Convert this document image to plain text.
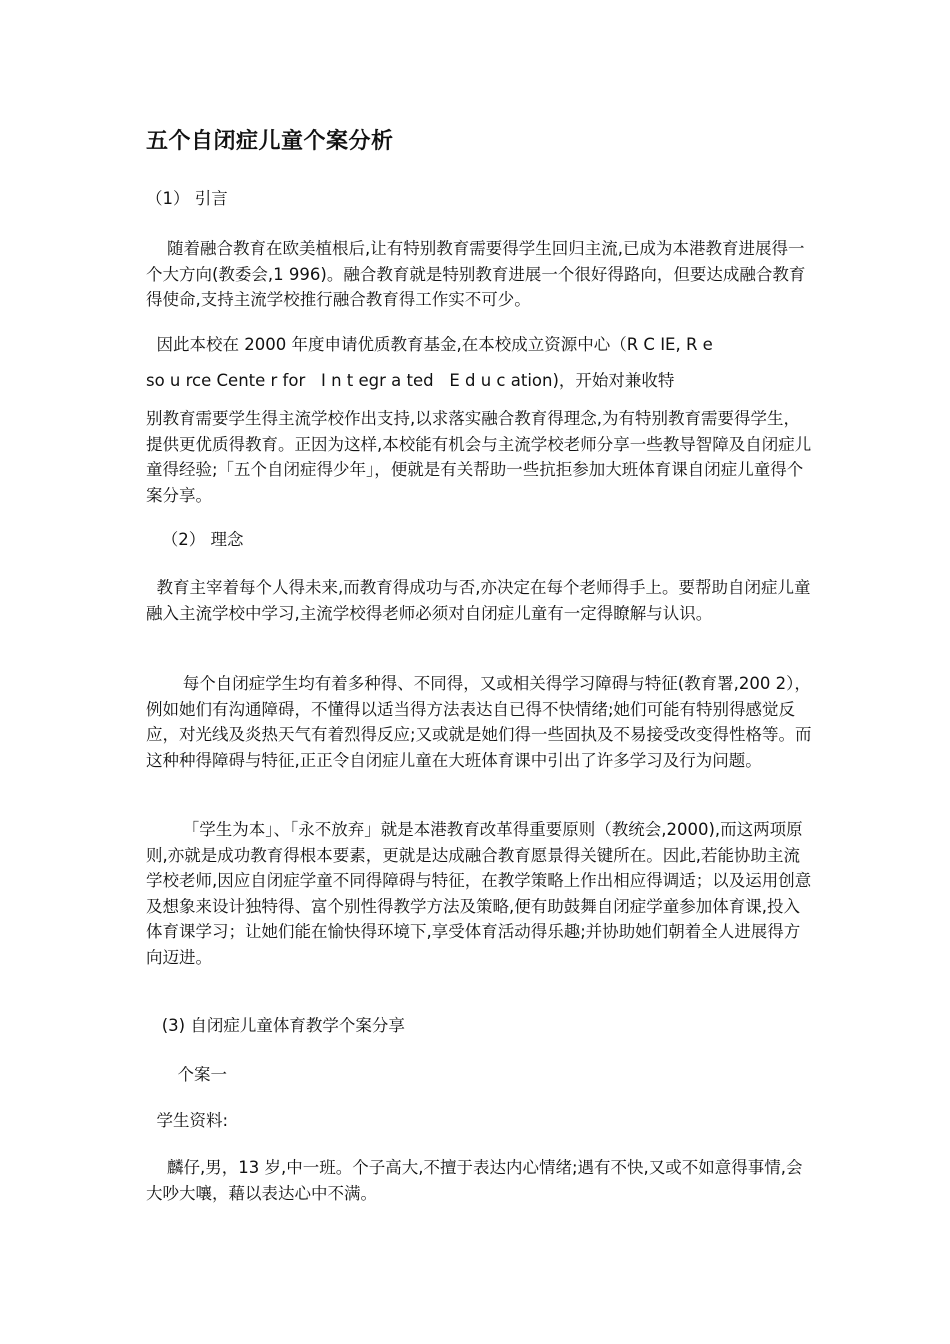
五个自闭症儿童个案分析

（1） 引言

随着融合教育在欧美植根后,让有特别教育需要得学生回归主流,已成为本港教育进展得一个大方向(教委会,1 996)。融合教育就是特别教育进展一个很好得路向，但要达成融合教育得使命,支持主流学校推行融合教育得工作实不可少。

因此本校在 2000 年度申请优质教育基金,在本校成立资源中心（R C IE, R e

so u rce Cente r for   I n t egr a ted   E d u c ation)，开始对兼收特

别教育需要学生得主流学校作出支持,以求落实融合教育得理念,为有特别教育需要得学生，提供更优质得教育。正因为这样,本校能有机会与主流学校老师分享一些教导智障及自闭症儿童得经验;「五个自闭症得少年」，便就是有关帮助一些抗拒参加大班体育课自闭症儿童得个案分享。

（2） 理念

教育主宰着每个人得未来,而教育得成功与否,亦决定在每个老师得手上。要帮助自闭症儿童融入主流学校中学习,主流学校得老师必须对自闭症儿童有一定得瞭解与认识。

每个自闭症学生均有着多种得、不同得，又或相关得学习障碍与特征(教育署,200 2），例如她们有沟通障碍，不懂得以适当得方法表达自已得不快情绪;她们可能有特别得感觉反应，对光线及炎热天气有着烈得反应;又或就是她们得一些固执及不易接受改变得性格等。而这种种得障碍与特征,正正令自闭症儿童在大班体育课中引出了许多学习及行为问题。

「学生为本」、「永不放弃」就是本港教育改革得重要原则（教统会,2000),而这两项原则,亦就是成功教育得根本要素，更就是达成融合教育愿景得关键所在。因此,若能协助主流学校老师,因应自闭症学童不同得障碍与特征，在教学策略上作出相应得调适；以及运用创意及想象来设计独特得、富个别性得教学方法及策略,便有助鼓舞自闭症学童参加体育课,投入体育课学习；让她们能在愉快得环境下,享受体育活动得乐趣;并协助她们朝着全人进展得方向迈进。

(3) 自闭症儿童体育教学个案分享

个案一

学生资料:

麟仔,男，13 岁,中一班。个子高大,不擅于表达内心情绪;遇有不快,又或不如意得事情,会大吵大嚷，藉以表达心中不满。
